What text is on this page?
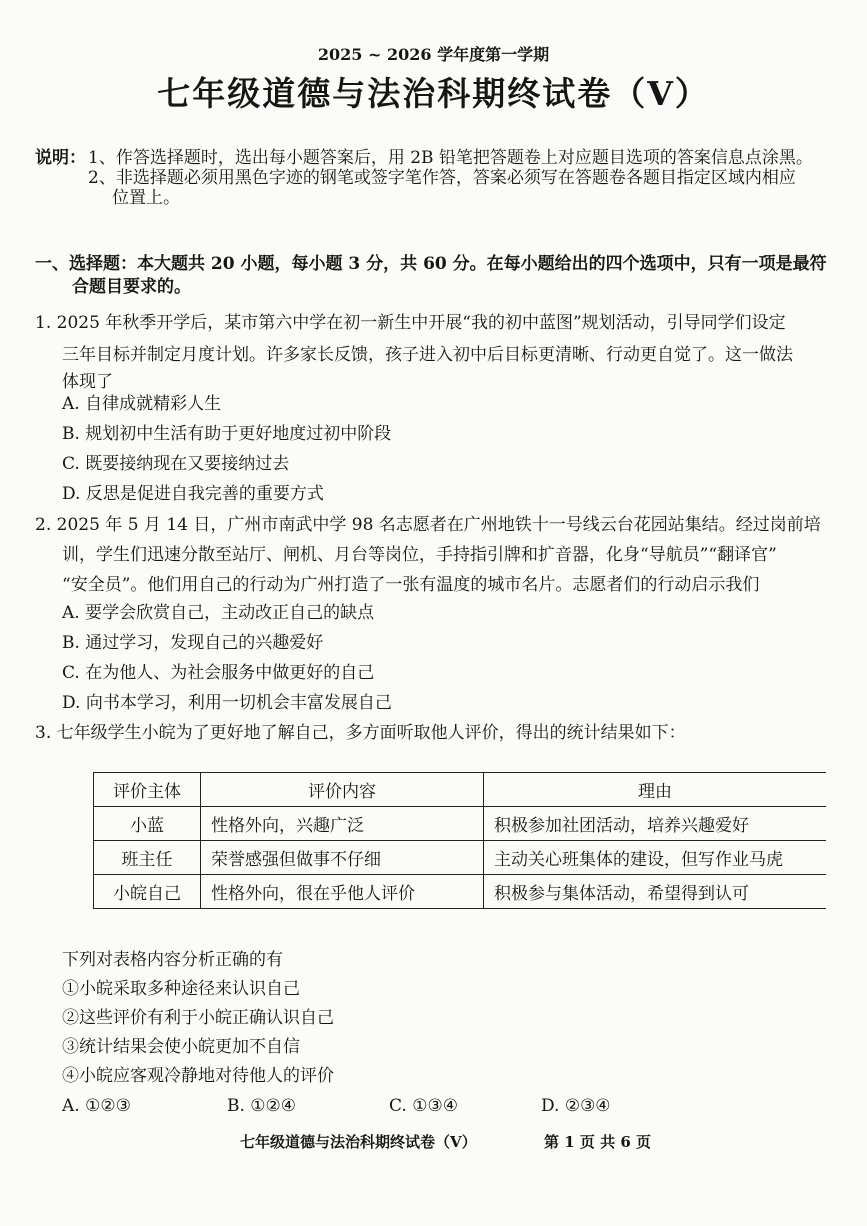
2025 ~ 2026 学年度第一学期
七年级道德与法治科期终试卷（V）
说明： 1、作答选择题时，选出每小题答案后，用 2B 铅笔把答题卷上对应题目选项的答案信息点涂黑。
2、非选择题必须用黑色字迹的钢笔或签字笔作答，答案必须写在答题卷各题目指定区域内相应
位置上。
一、选择题：本大题共 20 小题，每小题 3 分，共 60 分。在每小题给出的四个选项中，只有一项是最符
合题目要求的。
1. 2025 年秋季开学后，某市第六中学在初一新生中开展“我的初中蓝图”规划活动，引导同学们设定
三年目标并制定月度计划。许多家长反馈，孩子进入初中后目标更清晰、行动更自觉了。这一做法
体现了
A. 自律成就精彩人生
B. 规划初中生活有助于更好地度过初中阶段
C. 既要接纳现在又要接纳过去
D. 反思是促进自我完善的重要方式
2. 2025 年 5 月 14 日，广州市南武中学 98 名志愿者在广州地铁十一号线云台花园站集结。经过岗前培
训，学生们迅速分散至站厅、闸机、月台等岗位，手持指引牌和扩音器，化身“导航员”“翻译官”
“安全员”。他们用自己的行动为广州打造了一张有温度的城市名片。志愿者们的行动启示我们
A. 要学会欣赏自己，主动改正自己的缺点
B. 通过学习，发现自己的兴趣爱好
C. 在为他人、为社会服务中做更好的自己
D. 向书本学习，利用一切机会丰富发展自己
3. 七年级学生小皖为了更好地了解自己，多方面听取他人评价，得出的统计结果如下：
评价主体	评价内容	理由
小蓝	性格外向，兴趣广泛	积极参加社团活动，培养兴趣爱好
班主任	荣誉感强但做事不仔细	主动关心班集体的建设，但写作业马虎
小皖自己	性格外向，很在乎他人评价	积极参与集体活动，希望得到认可
下列对表格内容分析正确的有
①小皖采取多种途径来认识自己
②这些评价有利于小皖正确认识自己
③统计结果会使小皖更加不自信
④小皖应客观冷静地对待他人的评价
A. ①②③	B. ①②④	C. ①③④	D. ②③④
七年级道德与法治科期终试卷（V）	第 1 页 共 6 页
